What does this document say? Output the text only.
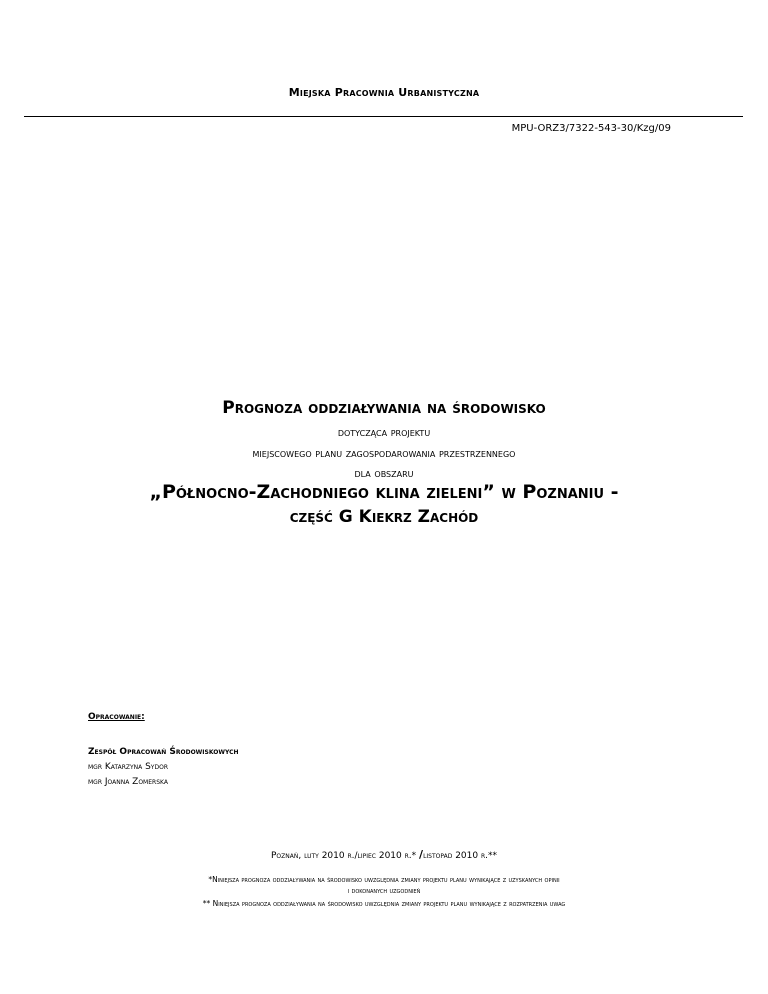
Miejska Pracownia Urbanistyczna
MPU-ORZ3/7322-543-30/Kzg/09
Prognoza oddziaływania na środowisko
dotycząca projektu
miejscowego planu zagospodarowania przestrzennego
dla obszaru
„Północno-Zachodniego klina zieleni” w Poznaniu -
część G Kiekrz Zachód
Opracowanie:
Zespół Opracowań Środowiskowych
mgr Katarzyna Sydor
mgr Joanna Zomerska
Poznań, luty 2010 r./lipiec 2010 r.* /listopad 2010 r.**
*Niniejsza prognoza oddziaływania na środowisko uwzględnia zmiany projektu planu wynikające z uzyskanych opinii
i dokonanych uzgodnień
** Niniejsza prognoza oddziaływania na środowisko uwzględnia zmiany projektu planu wynikające z rozpatrzenia uwag
